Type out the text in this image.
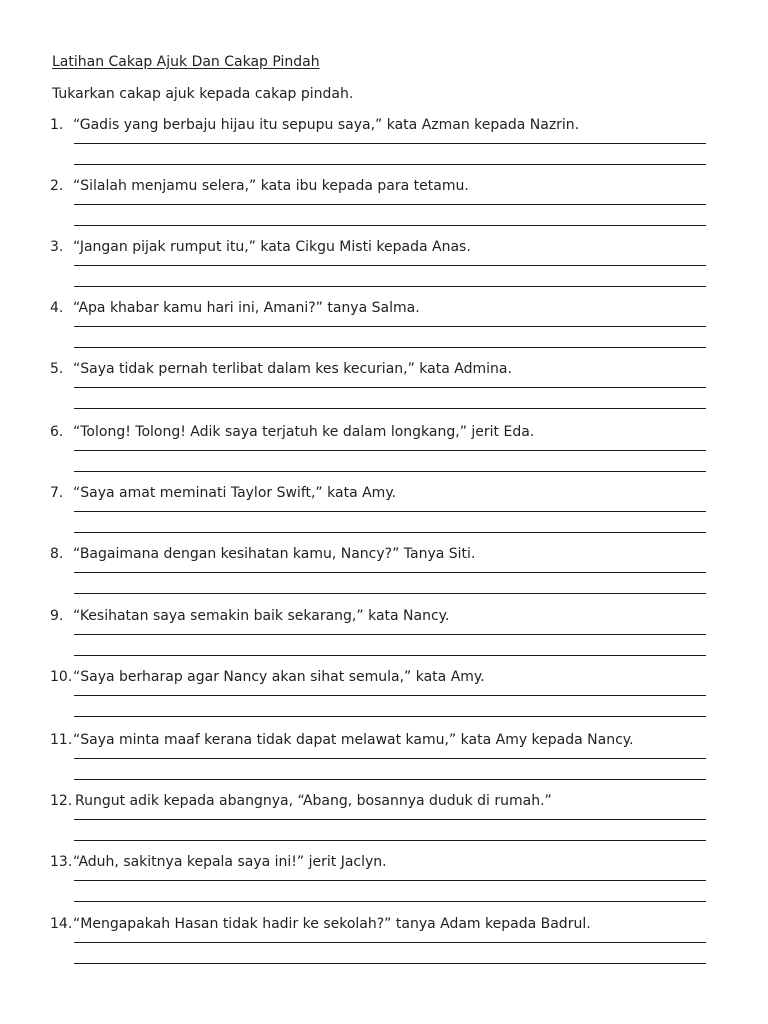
Latihan Cakap Ajuk Dan Cakap Pindah
Tukarkan cakap ajuk kepada cakap pindah.
1. “Gadis yang berbaju hijau itu sepupu saya,” kata Azman kepada Nazrin.
2. “Silalah menjamu selera,” kata ibu kepada para tetamu.
3. “Jangan pijak rumput itu,” kata Cikgu Misti kepada Anas.
4. “Apa khabar kamu hari ini, Amani?” tanya Salma.
5. “Saya tidak pernah terlibat dalam kes kecurian,” kata Admina.
6. “Tolong! Tolong! Adik saya terjatuh ke dalam longkang,” jerit Eda.
7. “Saya amat meminati Taylor Swift,” kata Amy.
8. “Bagaimana dengan kesihatan kamu, Nancy?” Tanya Siti.
9. “Kesihatan saya semakin baik sekarang,” kata Nancy.
10.“Saya berharap agar Nancy akan sihat semula,” kata Amy.
11.“Saya minta maaf kerana tidak dapat melawat kamu,” kata Amy kepada Nancy.
12. Rungut adik kepada abangnya, “Abang, bosannya duduk di rumah.”
13.“Aduh, sakitnya kepala saya ini!” jerit Jaclyn.
14.“Mengapakah Hasan tidak hadir ke sekolah?” tanya Adam kepada Badrul.
